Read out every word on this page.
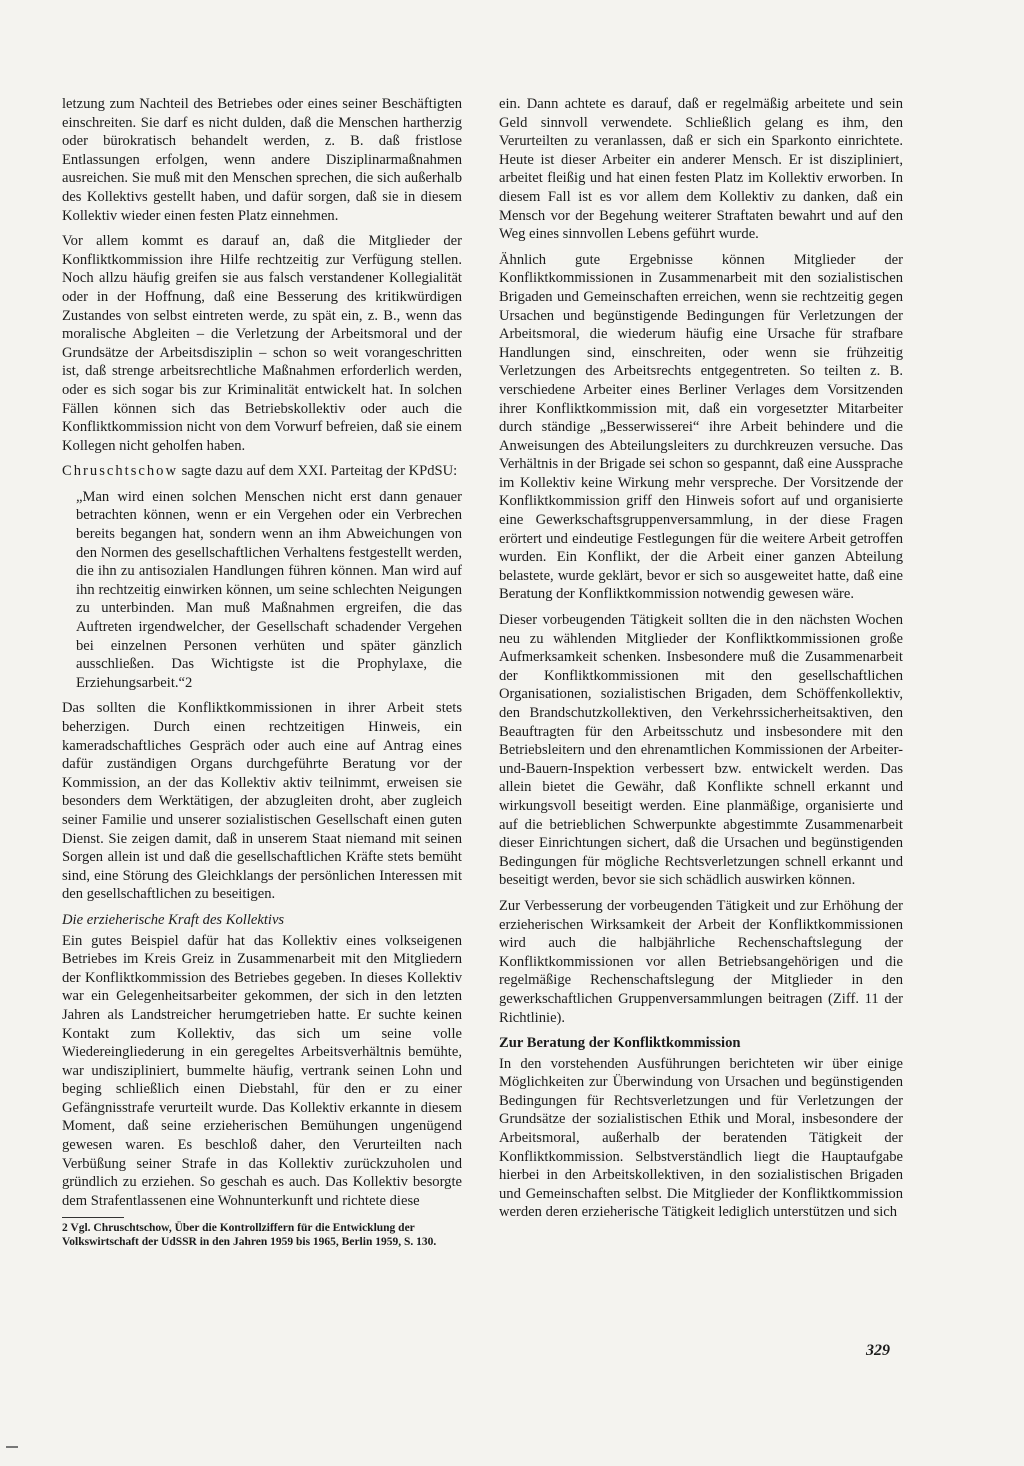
letzung zum Nachteil des Betriebes oder eines seiner Beschäftigten einschreiten. Sie darf es nicht dulden, daß die Menschen hartherzig oder bürokratisch behandelt werden, z. B. daß fristlose Entlassungen erfolgen, wenn andere Disziplinarmaßnahmen ausreichen. Sie muß mit den Menschen sprechen, die sich außerhalb des Kollektivs gestellt haben, und dafür sorgen, daß sie in diesem Kollektiv wieder einen festen Platz einnehmen.

Vor allem kommt es darauf an, daß die Mitglieder der Konfliktkommission ihre Hilfe rechtzeitig zur Verfügung stellen. Noch allzu häufig greifen sie aus falsch verstandener Kollegialität oder in der Hoffnung, daß eine Besserung des kritikwürdigen Zustandes von selbst eintreten werde, zu spät ein, z. B., wenn das moralische Abgleiten – die Verletzung der Arbeitsmoral und der Grundsätze der Arbeitsdisziplin – schon so weit vorangeschritten ist, daß strenge arbeitsrechtliche Maßnahmen erforderlich werden, oder es sich sogar bis zur Kriminalität entwickelt hat. In solchen Fällen können sich das Betriebskollektiv oder auch die Konfliktkommission nicht von dem Vorwurf befreien, daß sie einem Kollegen nicht geholfen haben.

Chruschtschow sagte dazu auf dem XXI. Parteitag der KPdSU:

„Man wird einen solchen Menschen nicht erst dann genauer betrachten können, wenn er ein Vergehen oder ein Verbrechen bereits begangen hat, sondern wenn an ihm Abweichungen von den Normen des gesellschaftlichen Verhaltens festgestellt werden, die ihn zu antisozialen Handlungen führen können. Man wird auf ihn rechtzeitig einwirken können, um seine schlechten Neigungen zu unterbinden. Man muß Maßnahmen ergreifen, die das Auftreten irgendwelcher, der Gesellschaft schadender Vergehen bei einzelnen Personen verhüten und später gänzlich ausschließen. Das Wichtigste ist die Prophylaxe, die Erziehungsarbeit.“2

Das sollten die Konfliktkommissionen in ihrer Arbeit stets beherzigen. Durch einen rechtzeitigen Hinweis, ein kameradschaftliches Gespräch oder auch eine auf Antrag eines dafür zuständigen Organs durchgeführte Beratung vor der Kommission, an der das Kollektiv aktiv teilnimmt, erweisen sie besonders dem Werktätigen, der abzugleiten droht, aber zugleich seiner Familie und unserer sozialistischen Gesellschaft einen guten Dienst. Sie zeigen damit, daß in unserem Staat niemand mit seinen Sorgen allein ist und daß die gesellschaftlichen Kräfte stets bemüht sind, eine Störung des Gleichklangs der persönlichen Interessen mit den gesellschaftlichen zu beseitigen.

Die erzieherische Kraft des Kollektivs

Ein gutes Beispiel dafür hat das Kollektiv eines volkseigenen Betriebes im Kreis Greiz in Zusammenarbeit mit den Mitgliedern der Konfliktkommission des Betriebes gegeben. In dieses Kollektiv war ein Gelegenheitsarbeiter gekommen, der sich in den letzten Jahren als Landstreicher herumgetrieben hatte. Er suchte keinen Kontakt zum Kollektiv, das sich um seine volle Wiedereingliederung in ein geregeltes Arbeitsverhältnis bemühte, war undiszipliniert, bummelte häufig, vertrank seinen Lohn und beging schließlich einen Diebstahl, für den er zu einer Gefängnisstrafe verurteilt wurde. Das Kollektiv erkannte in diesem Moment, daß seine erzieherischen Bemühungen ungenügend gewesen waren. Es beschloß daher, den Verurteilten nach Verbüßung seiner Strafe in das Kollektiv zurückzuholen und gründlich zu erziehen. So geschah es auch. Das Kollektiv besorgte dem Strafentlassenen eine Wohnunterkunft und richtete diese

2 Vgl. Chruschtschow, Über die Kontrollziffern für die Entwicklung der Volkswirtschaft der UdSSR in den Jahren 1959 bis 1965, Berlin 1959, S. 130.

ein. Dann achtete es darauf, daß er regelmäßig arbeitete und sein Geld sinnvoll verwendete. Schließlich gelang es ihm, den Verurteilten zu veranlassen, daß er sich ein Sparkonto einrichtete. Heute ist dieser Arbeiter ein anderer Mensch. Er ist diszipliniert, arbeitet fleißig und hat einen festen Platz im Kollektiv erworben. In diesem Fall ist es vor allem dem Kollektiv zu danken, daß ein Mensch vor der Begehung weiterer Straftaten bewahrt und auf den Weg eines sinnvollen Lebens geführt wurde.

Ähnlich gute Ergebnisse können Mitglieder der Konfliktkommissionen in Zusammenarbeit mit den sozialistischen Brigaden und Gemeinschaften erreichen, wenn sie rechtzeitig gegen Ursachen und begünstigende Bedingungen für Verletzungen der Arbeitsmoral, die wiederum häufig eine Ursache für strafbare Handlungen sind, einschreiten, oder wenn sie frühzeitig Verletzungen des Arbeitsrechts entgegentreten. So teilten z. B. verschiedene Arbeiter eines Berliner Verlages dem Vorsitzenden ihrer Konfliktkommission mit, daß ein vorgesetzter Mitarbeiter durch ständige „Besserwisserei“ ihre Arbeit behindere und die Anweisungen des Abteilungsleiters zu durchkreuzen versuche. Das Verhältnis in der Brigade sei schon so gespannt, daß eine Aussprache im Kollektiv keine Wirkung mehr verspreche. Der Vorsitzende der Konfliktkommission griff den Hinweis sofort auf und organisierte eine Gewerkschaftsgruppenversammlung, in der diese Fragen erörtert und eindeutige Festlegungen für die weitere Arbeit getroffen wurden. Ein Konflikt, der die Arbeit einer ganzen Abteilung belastete, wurde geklärt, bevor er sich so ausgeweitet hatte, daß eine Beratung der Konfliktkommission notwendig gewesen wäre.

Dieser vorbeugenden Tätigkeit sollten die in den nächsten Wochen neu zu wählenden Mitglieder der Konfliktkommissionen große Aufmerksamkeit schenken. Insbesondere muß die Zusammenarbeit der Konfliktkommissionen mit den gesellschaftlichen Organisationen, sozialistischen Brigaden, dem Schöffenkollektiv, den Brandschutzkollektiven, den Verkehrssicherheitsaktiven, den Beauftragten für den Arbeitsschutz und insbesondere mit den Betriebsleitern und den ehrenamtlichen Kommissionen der Arbeiter-und-Bauern-Inspektion verbessert bzw. entwickelt werden. Das allein bietet die Gewähr, daß Konflikte schnell erkannt und wirkungsvoll beseitigt werden. Eine planmäßige, organisierte und auf die betrieblichen Schwerpunkte abgestimmte Zusammenarbeit dieser Einrichtungen sichert, daß die Ursachen und begünstigenden Bedingungen für mögliche Rechtsverletzungen schnell erkannt und beseitigt werden, bevor sie sich schädlich auswirken können.

Zur Verbesserung der vorbeugenden Tätigkeit und zur Erhöhung der erzieherischen Wirksamkeit der Arbeit der Konfliktkommissionen wird auch die halbjährliche Rechenschaftslegung der Konfliktkommissionen vor allen Betriebsangehörigen und die regelmäßige Rechenschaftslegung der Mitglieder in den gewerkschaftlichen Gruppenversammlungen beitragen (Ziff. 11 der Richtlinie).

Zur Beratung der Konfliktkommission

In den vorstehenden Ausführungen berichteten wir über einige Möglichkeiten zur Überwindung von Ursachen und begünstigenden Bedingungen für Rechtsverletzungen und für Verletzungen der Grundsätze der sozialistischen Ethik und Moral, insbesondere der Arbeitsmoral, außerhalb der beratenden Tätigkeit der Konfliktkommission. Selbstverständlich liegt die Hauptaufgabe hierbei in den Arbeitskollektiven, in den sozialistischen Brigaden und Gemeinschaften selbst. Die Mitglieder der Konfliktkommission werden deren erzieherische Tätigkeit lediglich unterstützen und sich

329
